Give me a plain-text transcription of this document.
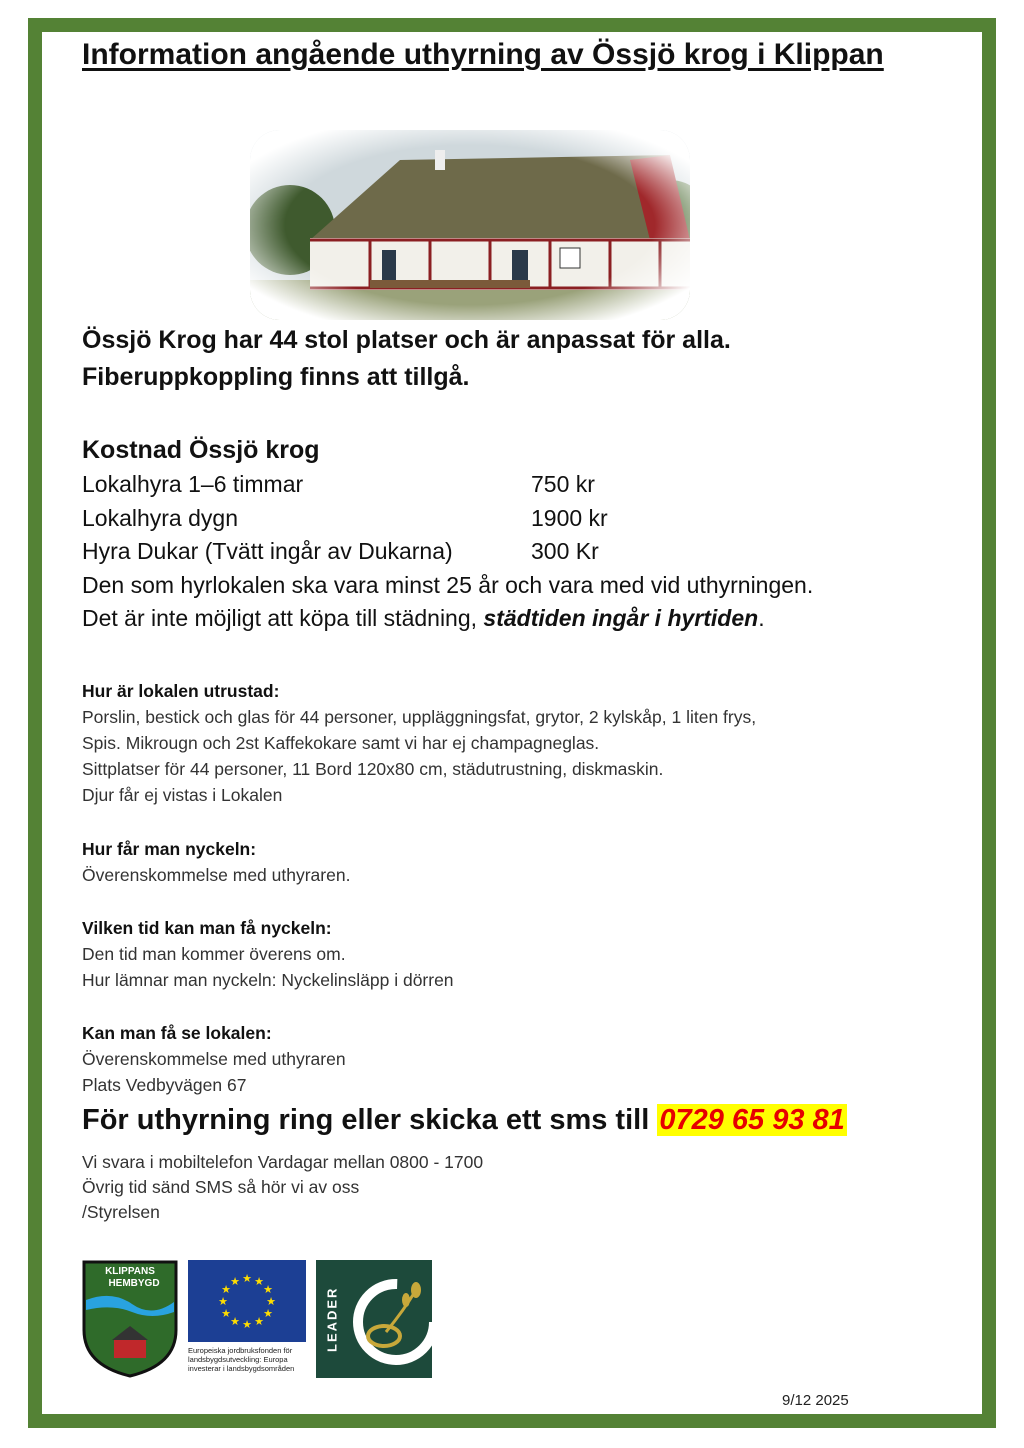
Information angående uthyrning av Össjö krog i Klippan
Össjö Krog har 44 stol platser och är anpassat för alla.
Fiberuppkoppling finns att tillgå.
Kostnad Össjö krog
Lokalhyra 1–6 timmar	750 kr
Lokalhyra dygn	1900 kr
Hyra Dukar (Tvätt ingår av Dukarna)	300 Kr
Den som hyrlokalen ska vara minst 25 år och vara med vid uthyrningen.
Det är inte möjligt att köpa till städning, städtiden ingår i hyrtiden.
Hur är lokalen utrustad:
Porslin, bestick och glas för 44 personer, uppläggningsfat, grytor, 2 kylskåp, 1 liten frys,
Spis. Mikrougn och 2st Kaffekokare samt vi har ej champagneglas.
Sittplatser för 44 personer, 11 Bord 120x80 cm, städutrustning, diskmaskin.
Djur får ej vistas i Lokalen
Hur får man nyckeln:
Överenskommelse med uthyraren.
Vilken tid kan man få nyckeln:
Den tid man kommer överens om.
Hur lämnar man nyckeln: Nyckelinsläpp i dörren
Kan man få se lokalen:
Överenskommelse med uthyraren
Plats Vedbyvägen 67

För uthyrning ring eller skicka ett sms till 0729 65 93 81

Vi svara i mobiltelefon Vardagar mellan 0800 - 1700
Övrig tid sänd SMS så hör vi av oss
/Styrelsen
KLIPPANS
HEMBYGD	★ ★
★
★
★
★
★
★
★
★
★
★
Europeiska jordbruksfonden för landsbygdsutveckling: Europa investerar i landsbygdsområden
LEADER
9/12 2025
